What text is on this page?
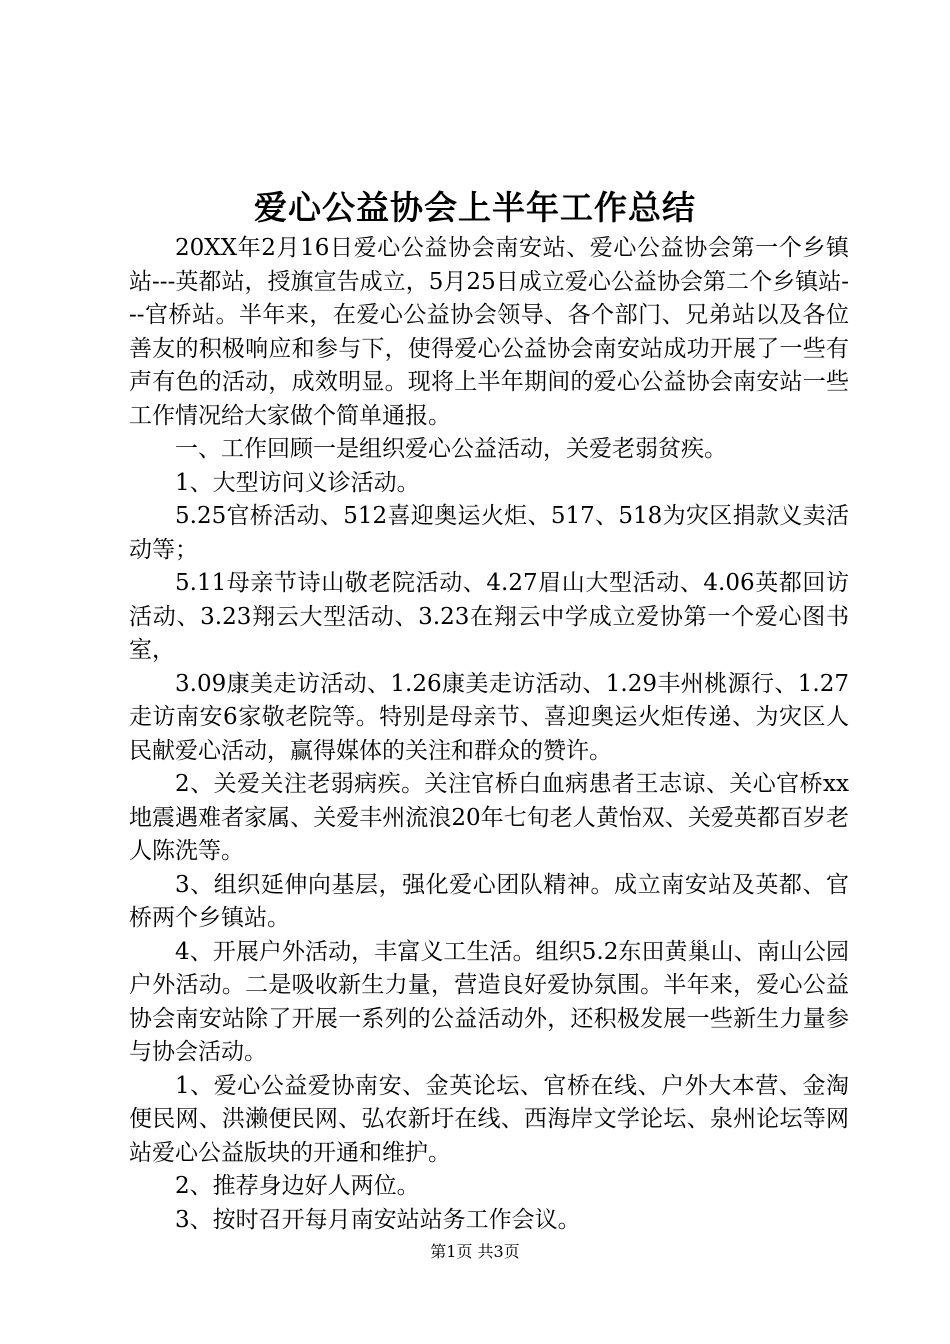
爱心公益协会上半年工作总结

20XX年2月16日爱心公益协会南安站、爱心公益协会第一个乡镇站---英都站，授旗宣告成立，5月25日成立爱心公益协会第二个乡镇站---官桥站。半年来，在爱心公益协会领导、各个部门、兄弟站以及各位善友的积极响应和参与下，使得爱心公益协会南安站成功开展了一些有声有色的活动，成效明显。现将上半年期间的爱心公益协会南安站一些工作情况给大家做个简单通报。

一、工作回顾一是组织爱心公益活动，关爱老弱贫疾。

1、大型访问义诊活动。

5.25官桥活动、512喜迎奥运火炬、517、518为灾区捐款义卖活动等；

5.11母亲节诗山敬老院活动、4.27眉山大型活动、4.06英都回访活动、3.23翔云大型活动、3.23在翔云中学成立爱协第一个爱心图书室，

3.09康美走访活动、1.26康美走访活动、1.29丰州桃源行、1.27走访南安6家敬老院等。特别是母亲节、喜迎奥运火炬传递、为灾区人民献爱心活动，赢得媒体的关注和群众的赞许。

2、关爱关注老弱病疾。关注官桥白血病患者王志谅、关心官桥xx地震遇难者家属、关爱丰州流浪20年七旬老人黄怡双、关爱英都百岁老人陈洗等。

3、组织延伸向基层，强化爱心团队精神。成立南安站及英都、官桥两个乡镇站。

4、开展户外活动，丰富义工生活。组织5.2东田黄巢山、南山公园户外活动。二是吸收新生力量，营造良好爱协氛围。半年来，爱心公益协会南安站除了开展一系列的公益活动外，还积极发展一些新生力量参与协会活动。

1、爱心公益爱协南安、金英论坛、官桥在线、户外大本营、金淘便民网、洪濑便民网、弘农新圩在线、西海岸文学论坛、泉州论坛等网站爱心公益版块的开通和维护。

2、推荐身边好人两位。

3、按时召开每月南安站站务工作会议。

第1页 共3页
